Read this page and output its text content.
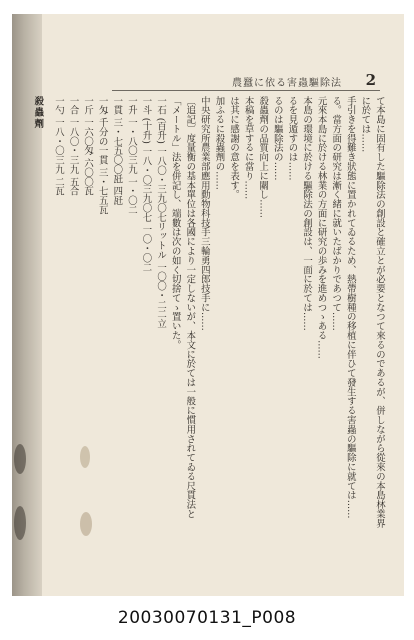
農蠶に依る害蟲驅除法 2

て本島に固有した驅除法の創設と確立とが必要となつて來るのであるが、併しながら從來の本島林業界に於ては……

手引きを得難き狀態に置かれてゐるため、熱帶樹種の移植に伴ひて發生する害蟲の驅除に就ては……

る。當方面の研究は漸く緒に就いたばかりであつて……

元來本島に於ける林業の方面に研究の歩みを進めつゝある……

本島の環境に於ける驅除法の創設は、一面に於ては……

るを見遁すのは……

るのは驅除法の……

殺蟲劑の品質向上に關し……

本稿を草するに當り……

は其に感謝の意を表す。

加ふるに殺蟲劑の……

中央研究所農業部應用動物科技手三輪勇四郎技手に……

〔追記〕度量衡の基本單位は各國により一定しないが、本文に於ては一般に慣用されてゐる尺貫法と「メートル」法を併記し、端數は次の如く切捨てゝ置いた。

一石 (百升) 一八〇・三九〇七リットル 一〇〇・二二立

一斗 (十升) 一八・〇三九〇七 一〇・〇二

一升 一・八〇三九 一・〇二

一貫 三・七五〇〇瓩 四瓩

一匁 千分の一貫 三・七五瓦

一斤 一六〇匁 六〇〇瓦

一合 一八〇・三九 五合

一勺 一八・〇三九 二瓦

殺蟲劑
20030070131_P008
